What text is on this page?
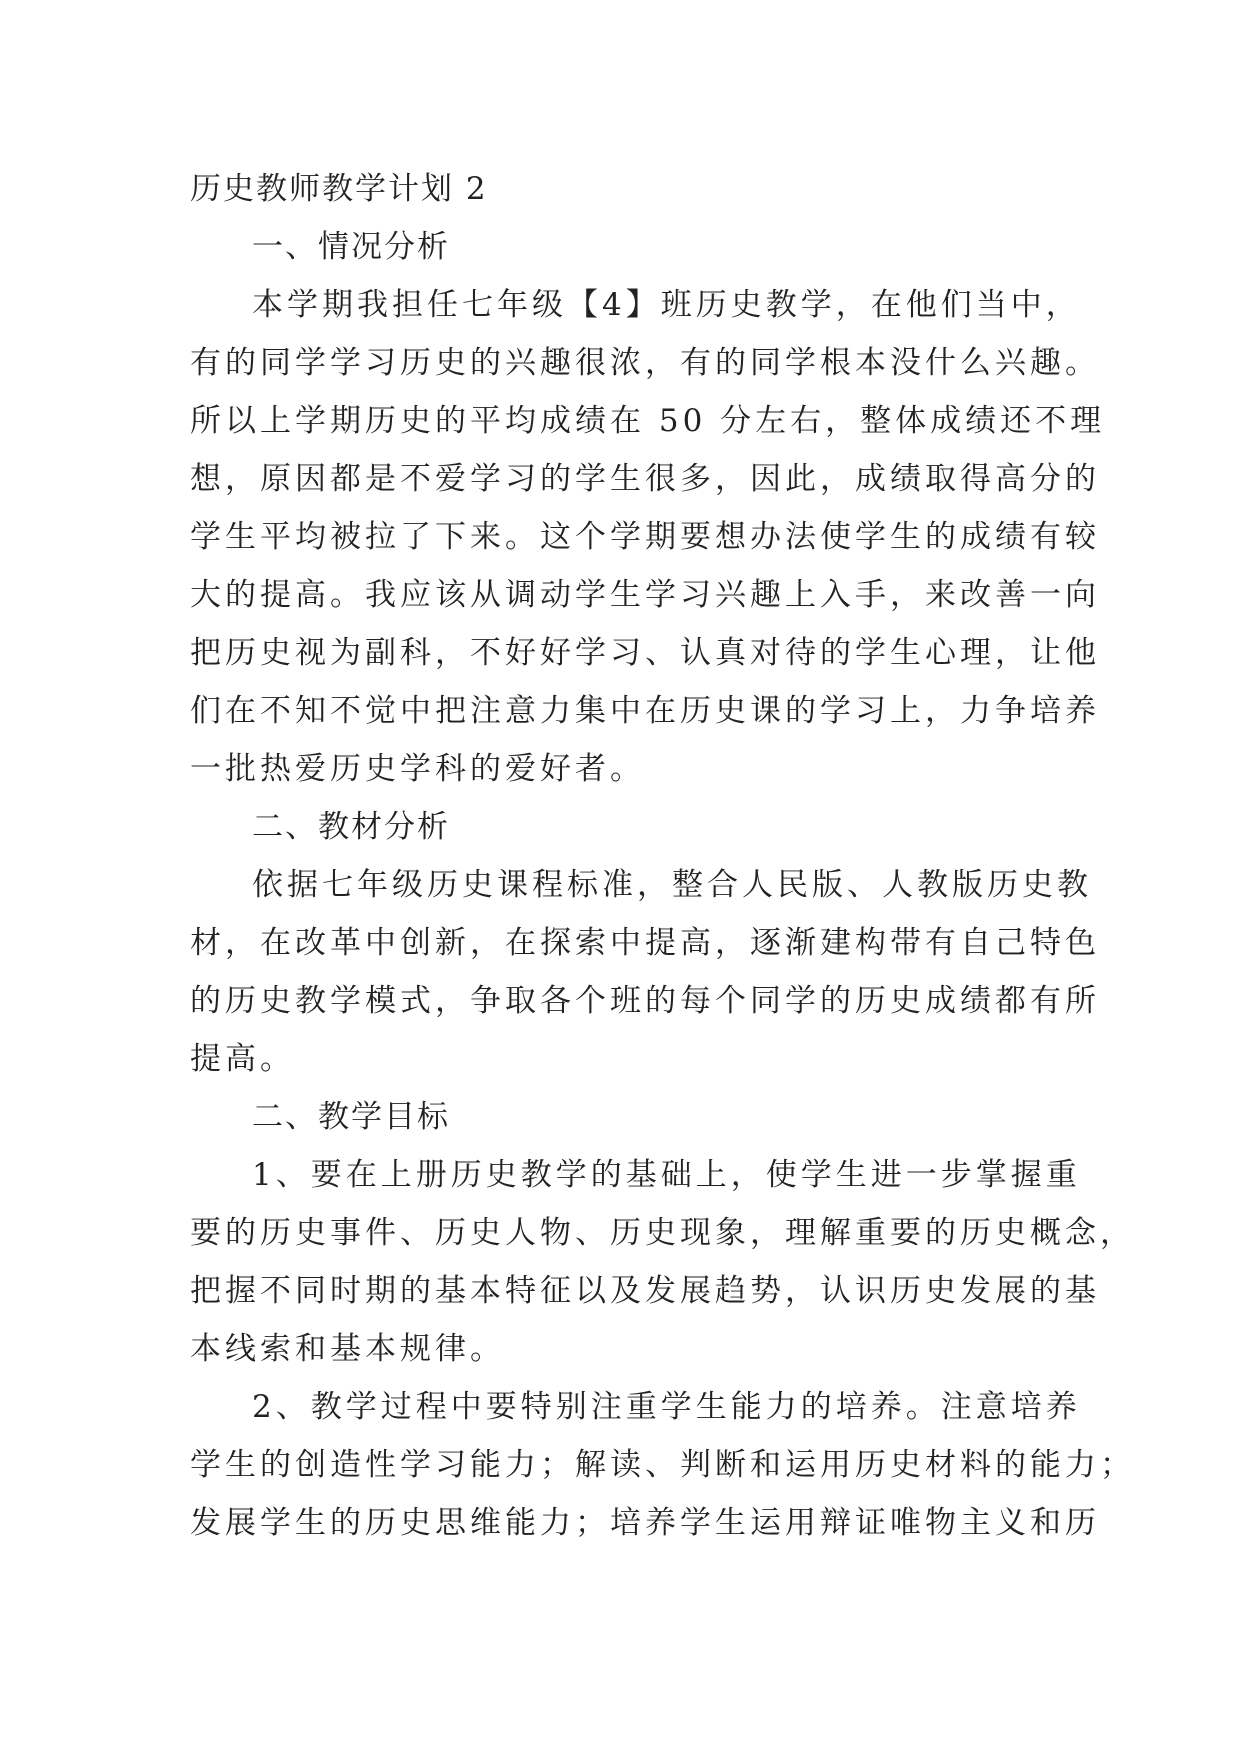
历史教师教学计划 2
一、情况分析

本学期我担任七年级【4】班历史教学，在他们当中，
有的同学学习历史的兴趣很浓，有的同学根本没什么兴趣。
所以上学期历史的平均成绩在 50 分左右，整体成绩还不理
想，原因都是不爱学习的学生很多，因此，成绩取得高分的
学生平均被拉了下来。这个学期要想办法使学生的成绩有较
大的提高。我应该从调动学生学习兴趣上入手，来改善一向
把历史视为副科，不好好学习、认真对待的学生心理，让他
们在不知不觉中把注意力集中在历史课的学习上，力争培养
一批热爱历史学科的爱好者。

二、教材分析

依据七年级历史课程标准，整合人民版、人教版历史教
材，在改革中创新，在探索中提高，逐渐建构带有自己特色
的历史教学模式，争取各个班的每个同学的历史成绩都有所
提高。

二、教学目标

1、要在上册历史教学的基础上，使学生进一步掌握重
要的历史事件、历史人物、历史现象，理解重要的历史概念，
把握不同时期的基本特征以及发展趋势，认识历史发展的基
本线索和基本规律。

2、教学过程中要特别注重学生能力的培养。注意培养
学生的创造性学习能力；解读、判断和运用历史材料的能力；
发展学生的历史思维能力；培养学生运用辩证唯物主义和历
